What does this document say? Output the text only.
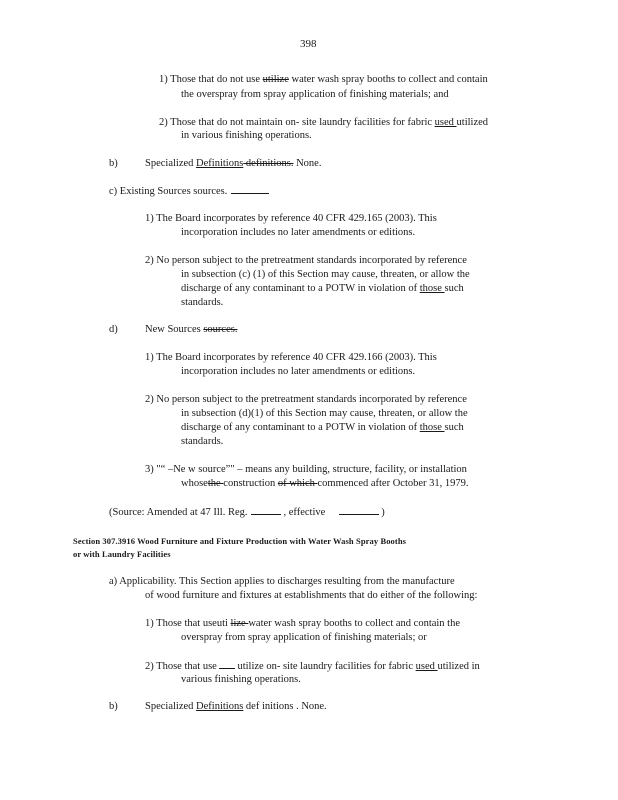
398
1) Those that do not use utilize water wash spray booths to collect and contain
the overspray from spray application of finishing materials; and
2) Those that do not maintain on- site laundry facilities for fabric used utilized
in various finishing operations.
b)	Specialized Definitions definitions. None.
c) Existing Sources sources.
1) The Board incorporates by reference 40 CFR 429.165 (2003). This
incorporation includes no later amendments or editions.
2) No person subject to the pretreatment standards incorporated by reference
in subsection (c) (1) of this Section may cause, threaten, or allow the
discharge of any contaminant to a POTW in violation of those such
standards.
d)	New Sources sources.
1) The Board incorporates by reference 40 CFR 429.166 (2003). This
incorporation includes no later amendments or editions.
2) No person subject to the pretreatment standards incorporated by reference
in subsection (d)(1) of this Section may cause, threaten, or allow the
discharge of any contaminant to a POTW in violation of those such
standards.
3) "“ –Ne w source”" – means any building, structure, facility, or installation
whosethe construction of which commenced after October 31, 1979.
(Source: Amended at 47 Ill. Reg.	, effective	)
Section 307.3916 Wood Furniture and Fixture Production with Water Wash Spray Booths
or with Laundry Facilities
a) Applicability. This Section applies to discharges resulting from the manufacture
of wood furniture and fixtures at establishments that do either of the following:
1) Those that useuti lize water wash spray booths to collect and contain the
overspray from spray application of finishing materials; or
2) Those that use utilize on- site laundry facilities for fabric used utilized in
various finishing operations.
b)	Specialized Definitions def initions . None.
